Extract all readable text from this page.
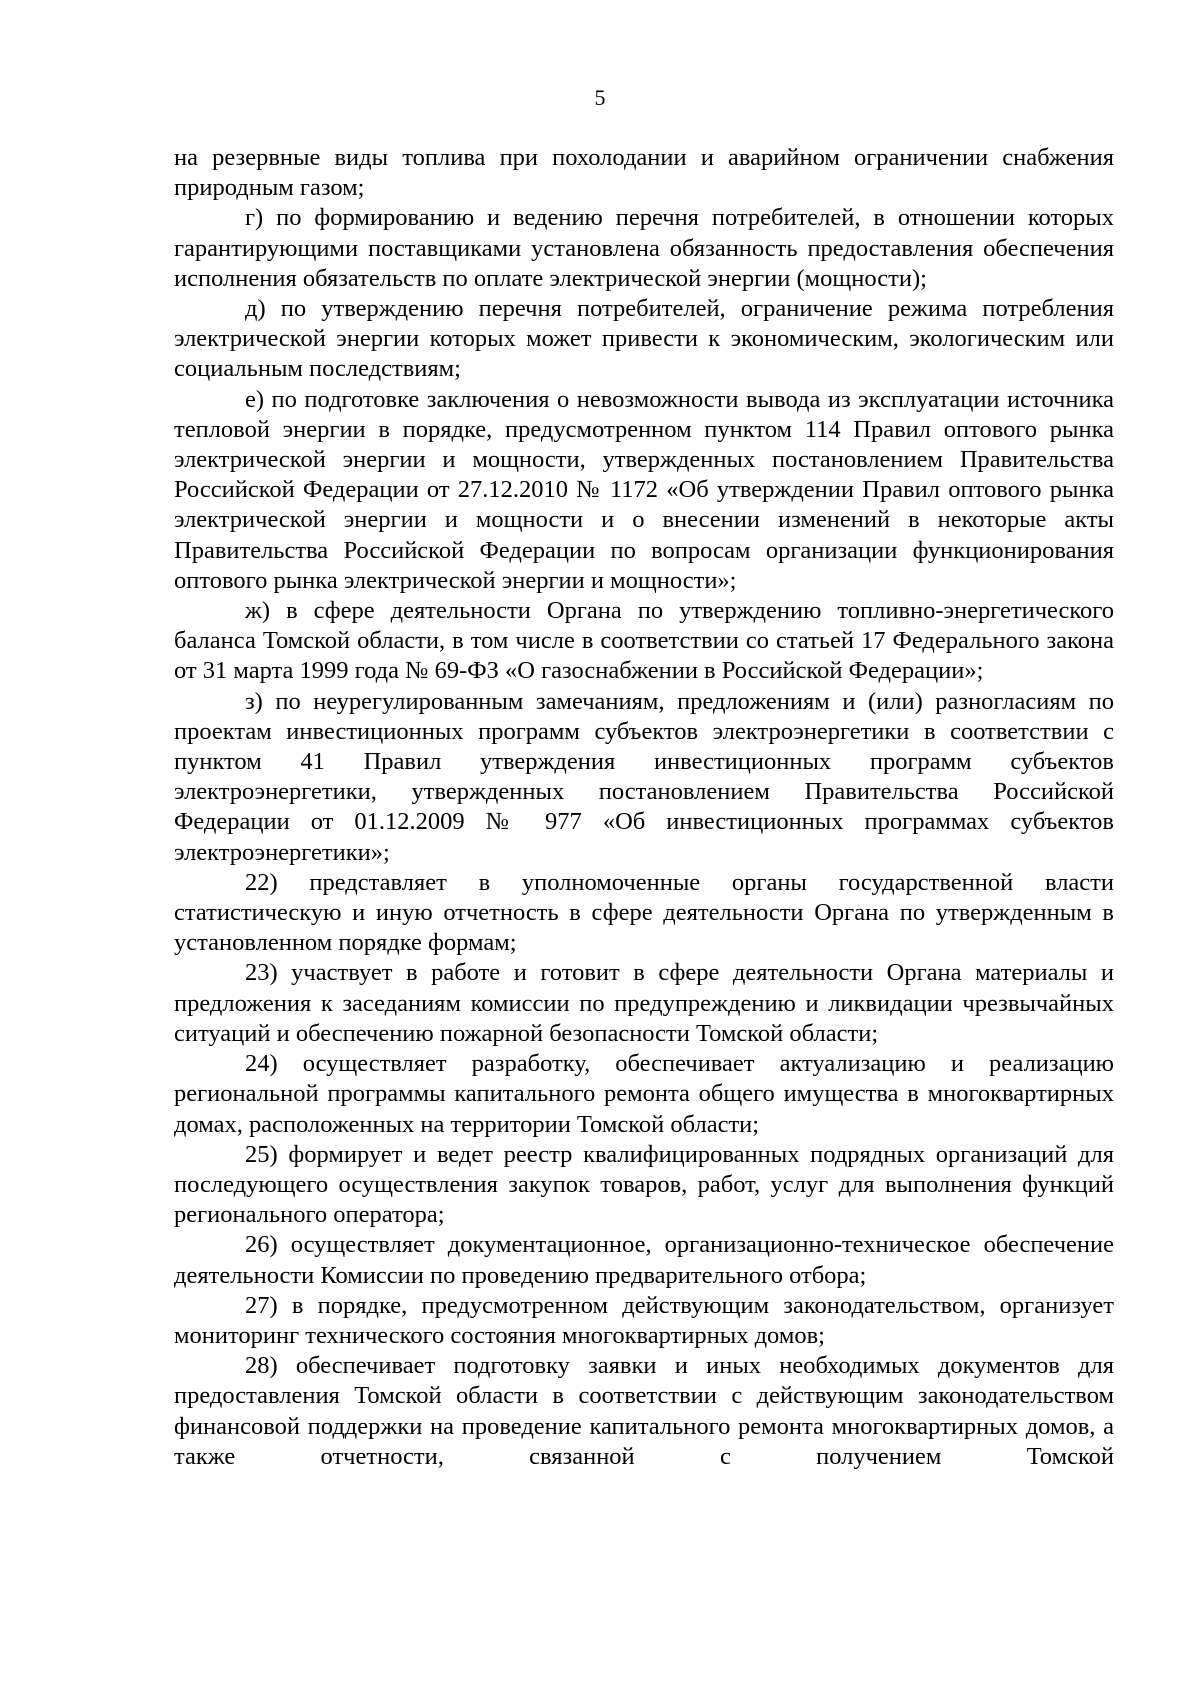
5

на резервные виды топлива при похолодании и аварийном ограничении снабжения природным газом;

г) по формированию и ведению перечня потребителей, в отношении которых гарантирующими поставщиками установлена обязанность предоставления обеспечения исполнения обязательств по оплате электрической энергии (мощности);

д) по утверждению перечня потребителей, ограничение режима потребления электрической энергии которых может привести к экономическим, экологическим или социальным последствиям;

е) по подготовке заключения о невозможности вывода из эксплуатации источника тепловой энергии в порядке, предусмотренном пунктом 114 Правил оптового рынка электрической энергии и мощности, утвержденных постановлением Правительства Российской Федерации от 27.12.2010 № 1172 «Об утверждении Правил оптового рынка электрической энергии и мощности и о внесении изменений в некоторые акты Правительства Российской Федерации по вопросам организации функционирования оптового рынка электрической энергии и мощности»;

ж) в сфере деятельности Органа по утверждению топливно-энергетического баланса Томской области, в том числе в соответствии со статьей 17 Федерального закона от 31 марта 1999 года № 69-ФЗ «О газоснабжении в Российской Федерации»;

з) по неурегулированным замечаниям, предложениям и (или) разногласиям по проектам инвестиционных программ субъектов электроэнергетики в соответствии с пунктом 41 Правил утверждения инвестиционных программ субъектов электроэнергетики, утвержденных постановлением Правительства Российской Федерации от 01.12.2009 № 977 «Об инвестиционных программах субъектов электроэнергетики»;

22) представляет в уполномоченные органы государственной власти статистическую и иную отчетность в сфере деятельности Органа по утвержденным в установленном порядке формам;

23) участвует в работе и готовит в сфере деятельности Органа материалы и предложения к заседаниям комиссии по предупреждению и ликвидации чрезвычайных ситуаций и обеспечению пожарной безопасности Томской области;

24) осуществляет разработку, обеспечивает актуализацию и реализацию региональной программы капитального ремонта общего имущества в многоквартирных домах, расположенных на территории Томской области;

25) формирует и ведет реестр квалифицированных подрядных организаций для последующего осуществления закупок товаров, работ, услуг для выполнения функций регионального оператора;

26) осуществляет документационное, организационно-техническое обеспечение деятельности Комиссии по проведению предварительного отбора;

27) в порядке, предусмотренном действующим законодательством, организует мониторинг технического состояния многоквартирных домов;

28) обеспечивает подготовку заявки и иных необходимых документов для предоставления Томской области в соответствии с действующим законодательством финансовой поддержки на проведение капитального ремонта многоквартирных домов, а также отчетности, связанной с получением Томской
